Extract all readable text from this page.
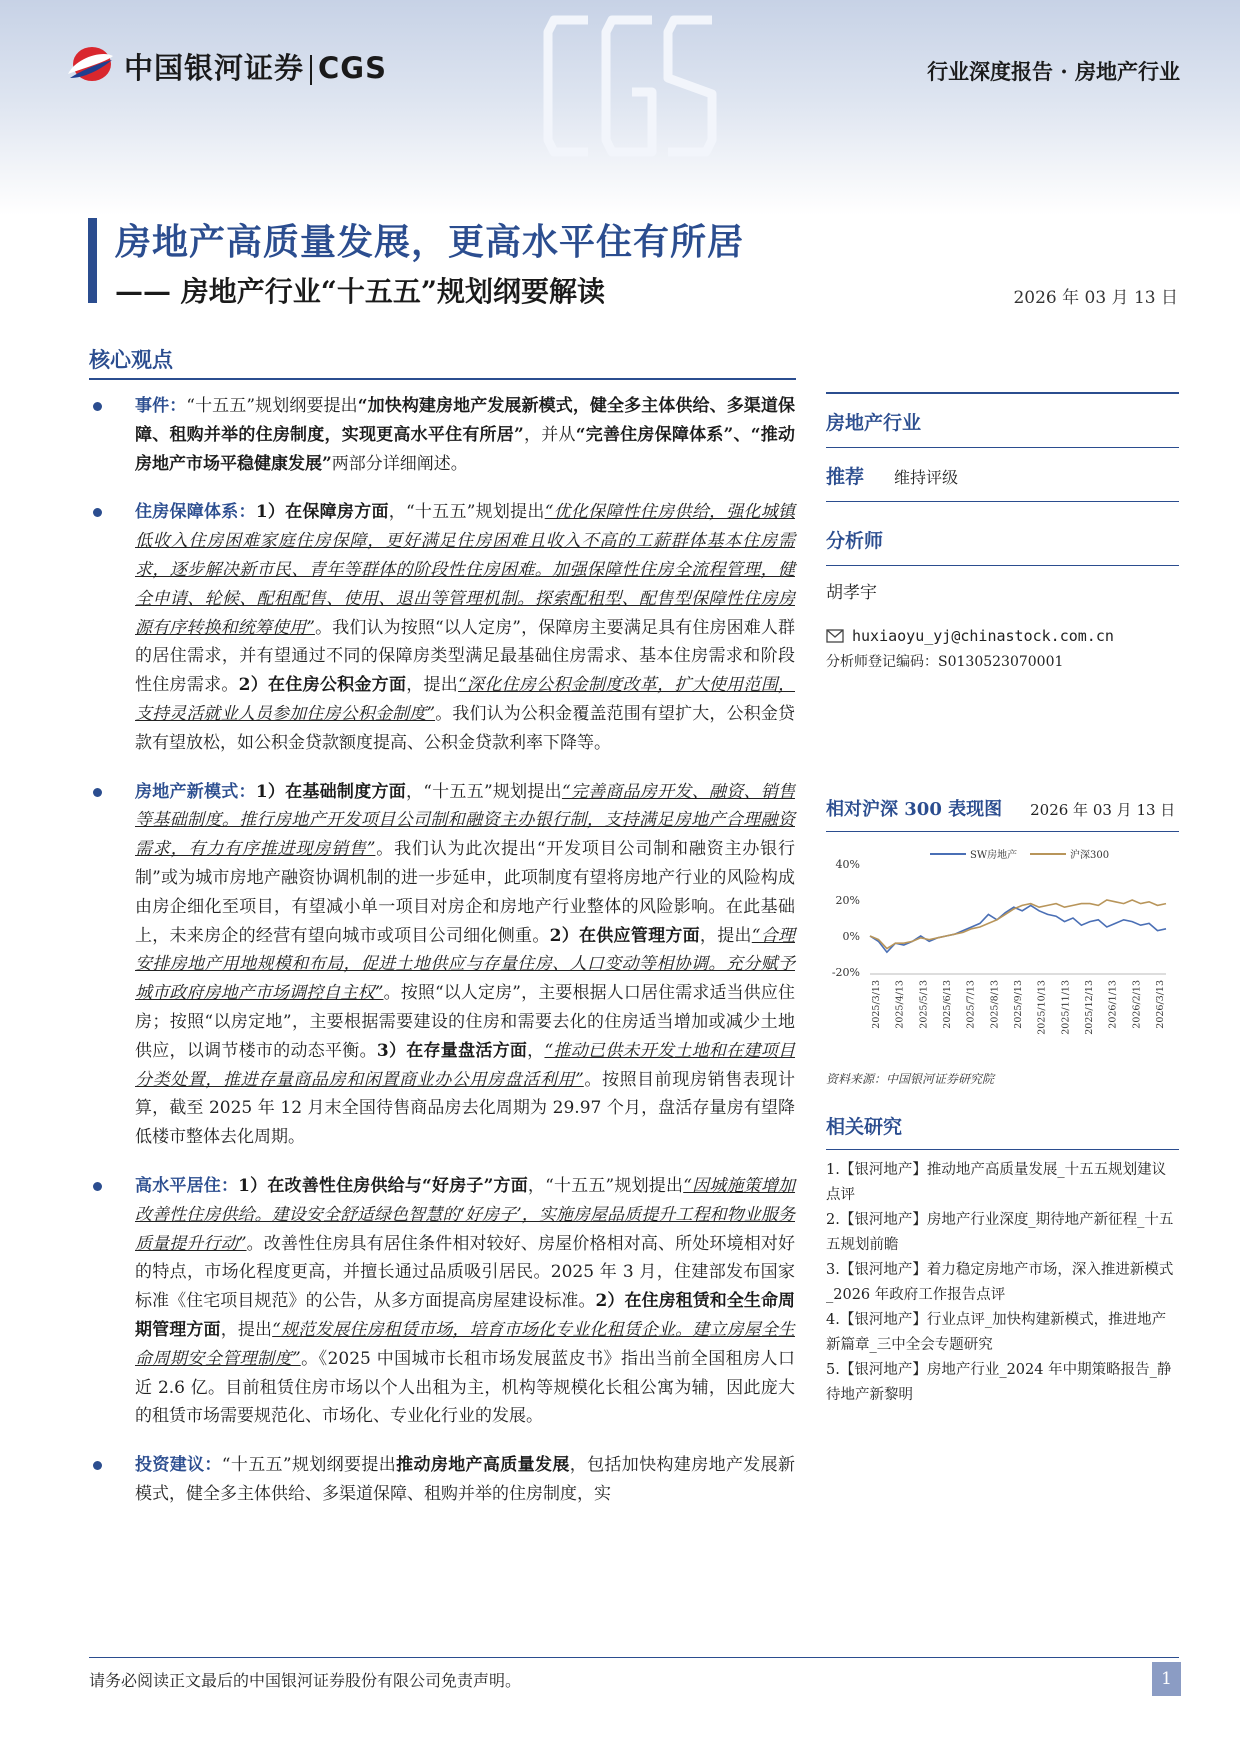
中国银河证券 CGS	行业深度报告 · 房地产行业
房地产高质量发展，更高水平住有所居
—— 房地产行业“十五五”规划纲要解读	2026 年 03 月 13 日
核心观点
事件：“十五五”规划纲要提出“加快构建房地产发展新模式，健全多主体供给、多渠道保障、租购并举的住房制度，实现更高水平住有所居”，并从“完善住房保障体系”、“推动房地产市场平稳健康发展”两部分详细阐述。
住房保障体系：1）在保障房方面，“十五五”规划提出“优化保障性住房供给，强化城镇低收入住房困难家庭住房保障，更好满足住房困难且收入不高的工薪群体基本住房需求，逐步解决新市民、青年等群体的阶段性住房困难。加强保障性住房全流程管理，健全申请、轮候、配租配售、使用、退出等管理机制。探索配租型、配售型保障性住房房源有序转换和统筹使用”。我们认为按照“以人定房”，保障房主要满足具有住房困难人群的居住需求，并有望通过不同的保障房类型满足最基础住房需求、基本住房需求和阶段性住房需求。2）在住房公积金方面，提出“深化住房公积金制度改革，扩大使用范围，支持灵活就业人员参加住房公积金制度”。我们认为公积金覆盖范围有望扩大，公积金贷款有望放松，如公积金贷款额度提高、公积金贷款利率下降等。
房地产新模式：1）在基础制度方面，“十五五”规划提出“完善商品房开发、融资、销售等基础制度。推行房地产开发项目公司制和融资主办银行制，支持满足房地产合理融资需求，有力有序推进现房销售”。我们认为此次提出“开发项目公司制和融资主办银行制”或为城市房地产融资协调机制的进一步延申，此项制度有望将房地产行业的风险构成由房企细化至项目，有望减小单一项目对房企和房地产行业整体的风险影响。在此基础上，未来房企的经营有望向城市或项目公司细化侧重。2）在供应管理方面，提出“合理安排房地产用地规模和布局，促进土地供应与存量住房、人口变动等相协调。充分赋予城市政府房地产市场调控自主权”。按照“以人定房”，主要根据人口居住需求适当供应住房；按照“以房定地”，主要根据需要建设的住房和需要去化的住房适当增加或减少土地供应，以调节楼市的动态平衡。3）在存量盘活方面，“推动已供未开发土地和在建项目分类处置，推进存量商品房和闲置商业办公用房盘活利用”。按照目前现房销售表现计算，截至 2025 年 12 月末全国待售商品房去化周期为 29.97 个月，盘活存量房有望降低楼市整体去化周期。
高水平居住：1）在改善性住房供给与“好房子”方面，“十五五”规划提出“因城施策增加改善性住房供给。建设安全舒适绿色智慧的‘好房子’，实施房屋品质提升工程和物业服务质量提升行动”。改善性住房具有居住条件相对较好、房屋价格相对高、所处环境相对好的特点，市场化程度更高，并擅长通过品质吸引居民。2025 年 3 月，住建部发布国家标准《住宅项目规范》的公告，从多方面提高房屋建设标准。2）在住房租赁和全生命周期管理方面，提出“规范发展住房租赁市场，培育市场化专业化租赁企业。建立房屋全生命周期安全管理制度”。《2025 中国城市长租市场发展蓝皮书》指出当前全国租房人口近 2.6 亿。目前租赁住房市场以个人出租为主，机构等规模化长租公寓为辅，因此庞大的租赁市场需要规范化、市场化、专业化行业的发展。
投资建议：“十五五”规划纲要提出推动房地产高质量发展，包括加快构建房地产发展新模式，健全多主体供给、多渠道保障、租购并举的住房制度，实
房地产行业
推荐 维持评级
分析师
胡孝宇
huxiaoyu_yj@chinastock.com.cn
分析师登记编码：S0130523070001
相对沪深 300 表现图 2026 年 03 月 13 日
40%
20%
0%
-20%
2025/3/13 2025/4/13 2025/5/13 2025/6/13 2025/7/13 2025/8/13 2025/9/13 2025/10/13 2025/11/13 2025/12/13 2026/1/13 2026/2/13 2026/3/13
SW房地产	沪深300
资料来源：中国银河证券研究院
相关研究
1.【银河地产】推动地产高质量发展_十五五规划建议点评
2.【银河地产】房地产行业深度_期待地产新征程_十五五规划前瞻
3.【银河地产】着力稳定房地产市场，深入推进新模式_2026 年政府工作报告点评
4.【银河地产】行业点评_加快构建新模式，推进地产新篇章_三中全会专题研究
5.【银河地产】房地产行业_2024 年中期策略报告_静待地产新黎明
请务必阅读正文最后的中国银河证券股份有限公司免责声明。	1
